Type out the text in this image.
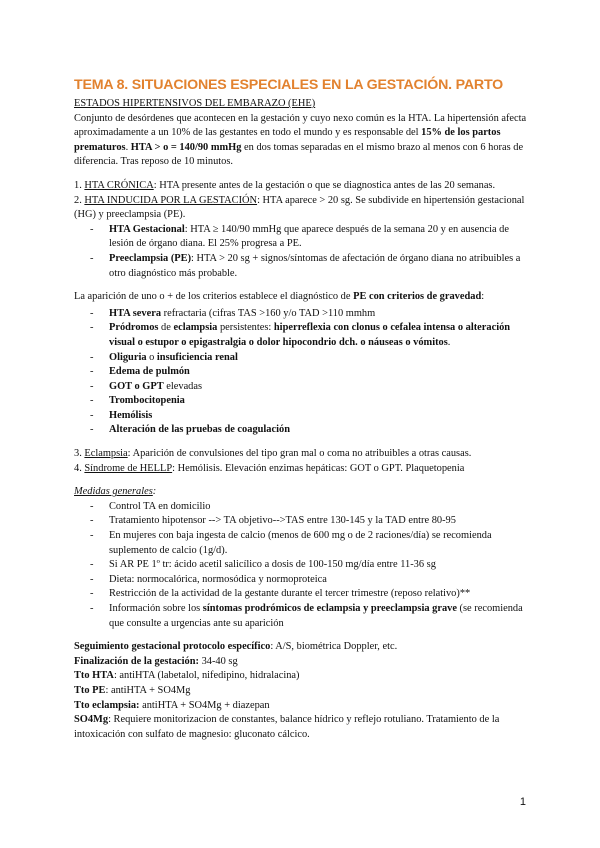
TEMA 8. SITUACIONES ESPECIALES EN LA GESTACIÓN. PARTO

ESTADOS HIPERTENSIVOS DEL EMBARAZO (EHE)

Conjunto de desórdenes que acontecen en la gestación y cuyo nexo común es la HTA. La hipertensión afecta aproximadamente a un 10% de las gestantes en todo el mundo y es responsable del 15% de los partos prematuros. HTA > o = 140/90 mmHg en dos tomas separadas en el mismo brazo al menos con 6 horas de diferencia. Tras reposo de 10 minutos.

1. HTA CRÓNICA: HTA presente antes de la gestación o que se diagnostica antes de las 20 semanas.

2. HTA INDUCIDA POR LA GESTACIÓN: HTA aparece > 20 sg. Se subdivide en hipertensión gestacional (HG) y preeclampsia (PE).

- HTA Gestacional: HTA ≥ 140/90 mmHg que aparece después de la semana 20 y en ausencia de lesión de órgano diana. El 25% progresa a PE.
- Preeclampsia (PE): HTA > 20 sg + signos/síntomas de afectación de órgano diana no atribuibles a otro diagnóstico más probable.

La aparición de uno o + de los criterios establece el diagnóstico de PE con criterios de gravedad:

- HTA severa refractaria (cifras TAS >160 y/o TAD >110 mmhm
- Pródromos de eclampsia persistentes: hiperreflexia con clonus o cefalea intensa o alteración visual o estupor o epigastralgia o dolor hipocondrio dch. o náuseas o vómitos.
- Oliguria o insuficiencia renal
- Edema de pulmón
- GOT o GPT elevadas
- Trombocitopenia
- Hemólisis
- Alteración de las pruebas de coagulación

3. Eclampsia: Aparición de convulsiones del tipo gran mal o coma no atribuibles a otras causas.

4. Síndrome de HELLP: Hemólisis. Elevación enzimas hepáticas: GOT o GPT. Plaquetopenia

Medidas generales:

- Control TA en domicilio
- Tratamiento hipotensor --> TA objetivo-->TAS entre 130-145 y la TAD entre 80-95
- En mujeres con baja ingesta de calcio (menos de 600 mg o de 2 raciones/día) se recomienda suplemento de calcio (1g/d).
- Si AR PE 1º tr: ácido acetil salicílico a dosis de 100-150 mg/día entre 11-36 sg
- Dieta: normocalórica, normosódica y normoproteica
- Restricción de la actividad de la gestante durante el tercer trimestre (reposo relativo)**
- Información sobre los síntomas prodrómicos de eclampsia y preeclampsia grave (se recomienda que consulte a urgencias ante su aparición

Seguimiento gestacional protocolo específico: A/S, biométrica Doppler, etc.

Finalización de la gestación: 34-40 sg

Tto HTA: antiHTA (labetalol, nifedipino, hidralacina)

Tto PE: antiHTA + SO4Mg

Tto eclampsia: antiHTA + SO4Mg + diazepan

SO4Mg: Requiere monitorizacion de constantes, balance hídrico y reflejo rotuliano. Tratamiento de la intoxicación con sulfato de magnesio: gluconato cálcico.

1
